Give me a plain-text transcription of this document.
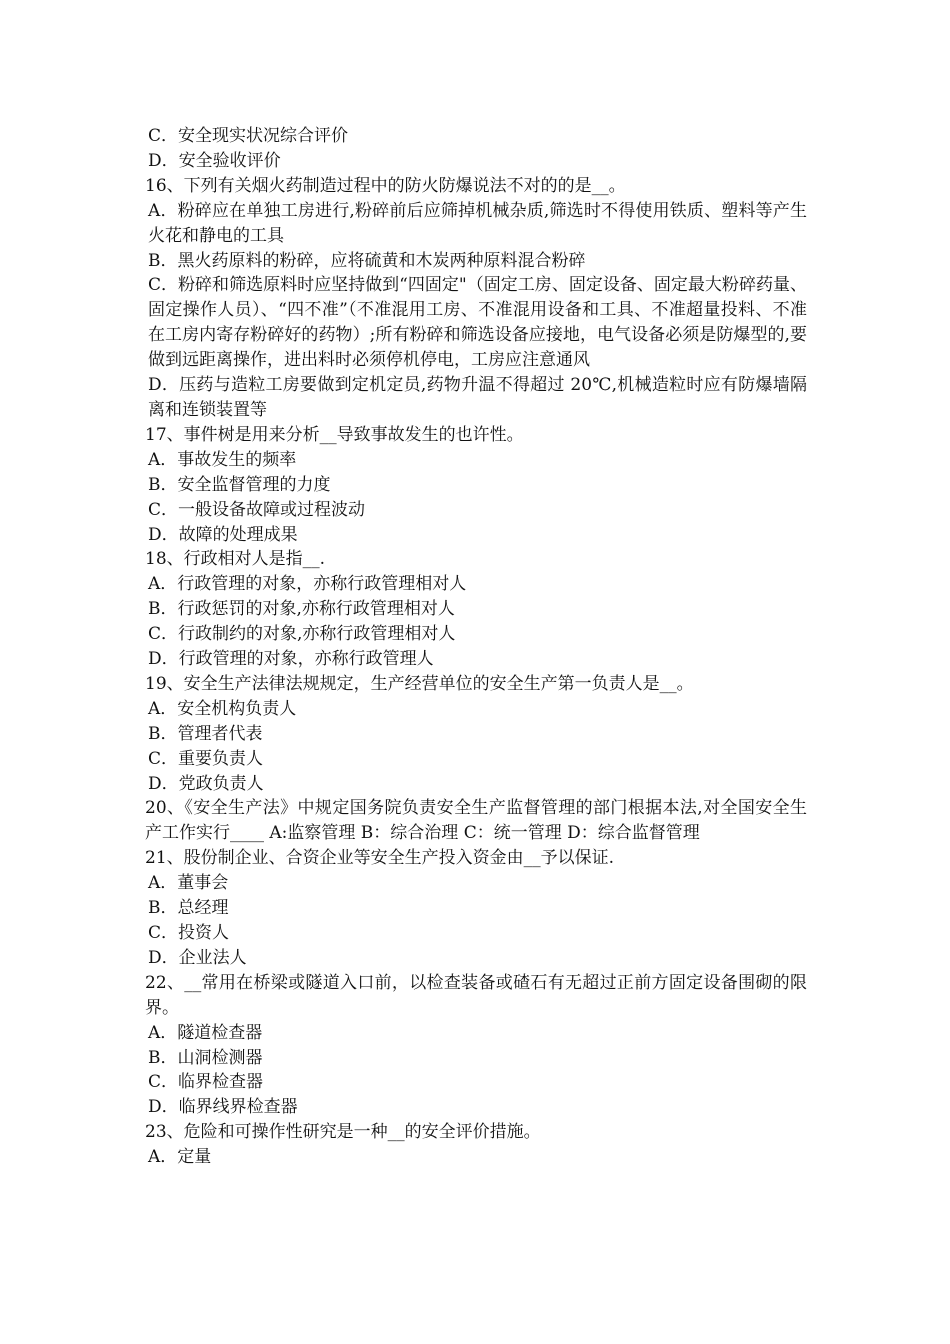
C．安全现实状况综合评价

D．安全验收评价

16、下列有关烟火药制造过程中的防火防爆说法不对的的是__。

A．粉碎应在单独工房进行,粉碎前后应筛掉机械杂质,筛选时不得使用铁质、塑料等产生火花和静电的工具

B．黑火药原料的粉碎，应将硫黄和木炭两种原料混合粉碎

C．粉碎和筛选原料时应坚持做到“四固定"（固定工房、固定设备、固定最大粉碎药量、固定操作人员）、“四不准”（不准混用工房、不准混用设备和工具、不准超量投料、不准在工房内寄存粉碎好的药物）;所有粉碎和筛选设备应接地，电气设备必须是防爆型的,要做到远距离操作，进出料时必须停机停电，工房应注意通风

D．压药与造粒工房要做到定机定员,药物升温不得超过 20℃,机械造粒时应有防爆墙隔离和连锁装置等

17、事件树是用来分析__导致事故发生的也许性。

A．事故发生的频率

B．安全监督管理的力度

C．一般设备故障或过程波动

D．故障的处理成果

18、行政相对人是指__.

A．行政管理的对象，亦称行政管理相对人

B．行政惩罚的对象,亦称行政管理相对人

C．行政制约的对象,亦称行政管理相对人

D．行政管理的对象，亦称行政管理人

19、安全生产法律法规规定，生产经营单位的安全生产第一负责人是__。

A．安全机构负责人

B．管理者代表

C．重要负责人

D．党政负责人

20、《安全生产法》中规定国务院负责安全生产监督管理的部门根据本法,对全国安全生产工作实行____ A:监察管理 B：综合治理 C：统一管理 D：综合监督管理

21、股份制企业、合资企业等安全生产投入资金由__予以保证.

A．董事会

B．总经理

C．投资人

D．企业法人

22、__常用在桥梁或隧道入口前，以检查装备或碴石有无超过正前方固定设备围砌的限界。

A．隧道检查器

B．山洞检测器

C．临界检查器

D．临界线界检查器

23、危险和可操作性研究是一种__的安全评价措施。

A．定量
